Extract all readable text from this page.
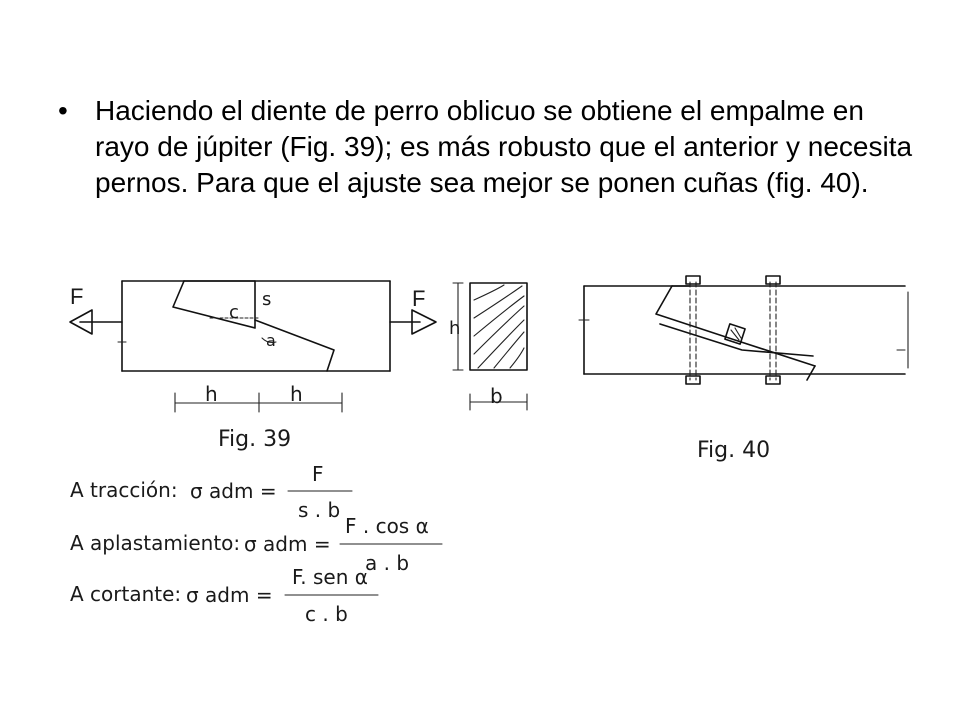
• Haciendo el diente de perro oblicuo se obtiene el empalme en rayo de júpiter (Fig. 39); es más robusto que el anterior y necesita pernos. Para que el ajuste sea mejor se ponen cuñas (fig. 40).
F	F
c
s
a
h
b
h	h
Fig. 39	Fig. 40
A tracción: σ adm =
F
s . b
A aplastamiento: σ adm =
F . cos α
a . b
A cortante: σ adm =
F. sen α
c . b
